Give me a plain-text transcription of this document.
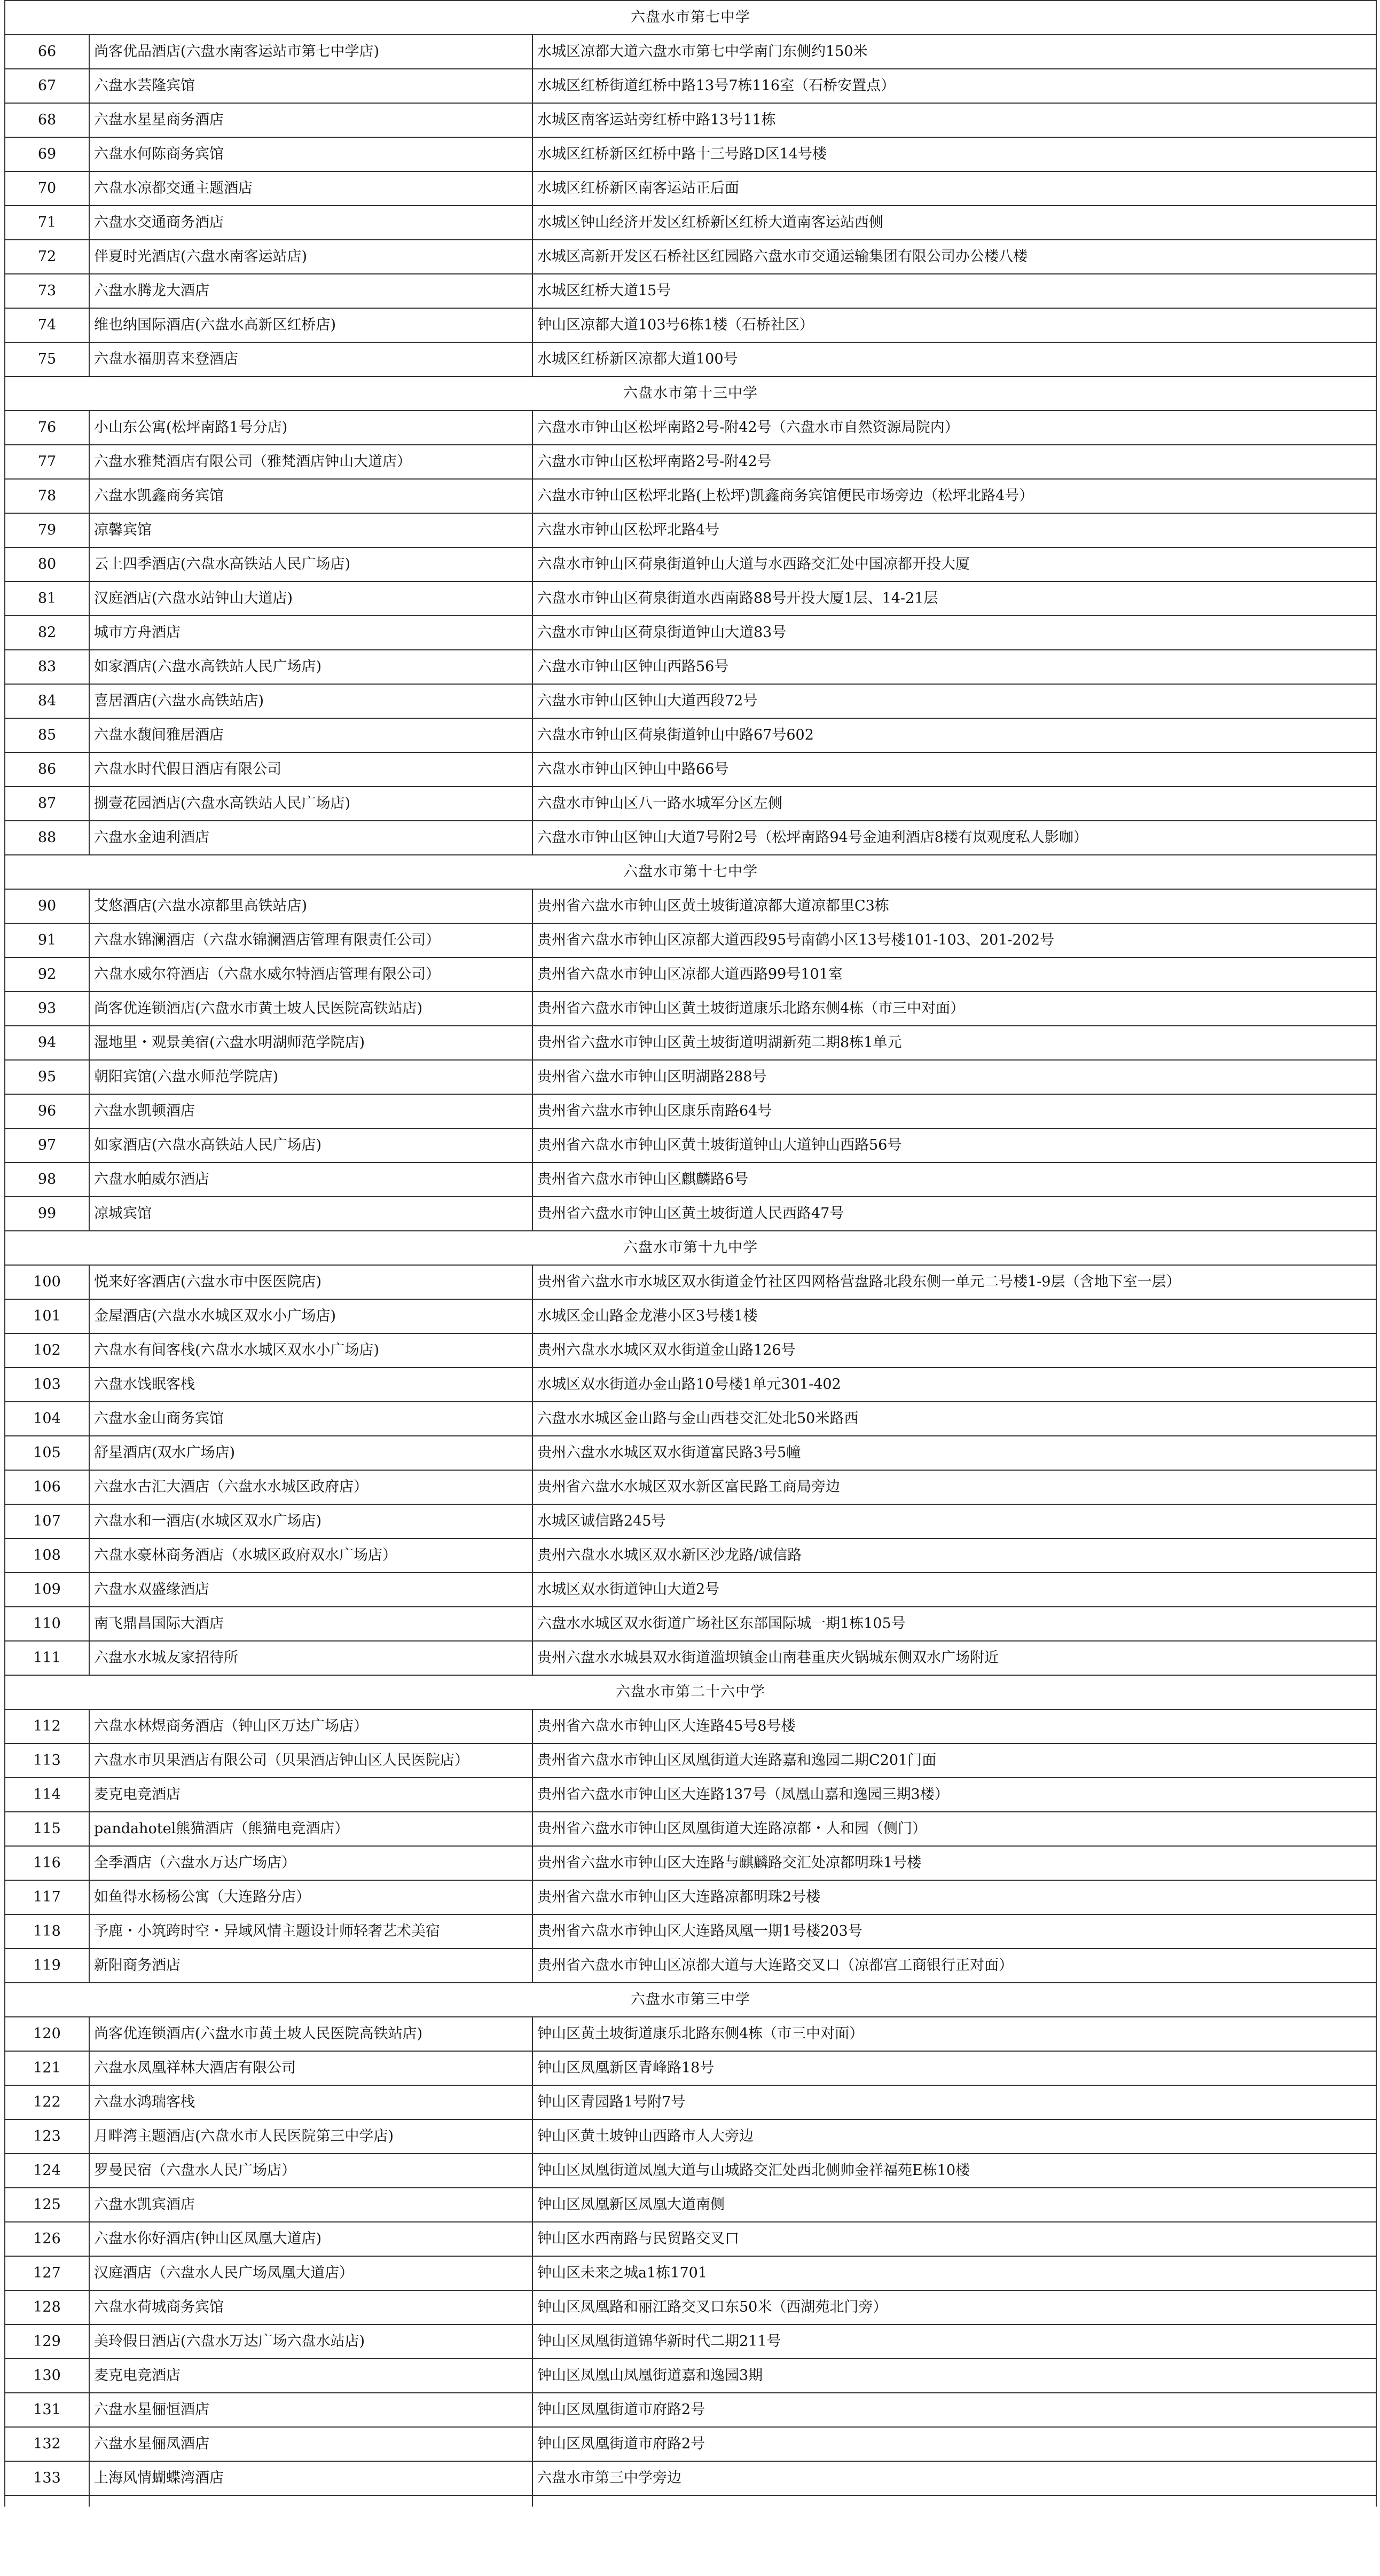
六盘水市第七中学		
66	尚客优品酒店(六盘水南客运站市第七中学店)	水城区凉都大道六盘水市第七中学南门东侧约150米
67	六盘水芸隆宾馆	水城区红桥街道红桥中路13号7栋116室（石桥安置点）
68	六盘水星星商务酒店	水城区南客运站旁红桥中路13号11栋
69	六盘水何陈商务宾馆	水城区红桥新区红桥中路十三号路D区14号楼
70	六盘水凉都交通主题酒店	水城区红桥新区南客运站正后面
71	六盘水交通商务酒店	水城区钟山经济开发区红桥新区红桥大道南客运站西侧
72	伴夏时光酒店(六盘水南客运站店)	水城区高新开发区石桥社区红园路六盘水市交通运输集团有限公司办公楼八楼
73	六盘水腾龙大酒店	水城区红桥大道15号
74	维也纳国际酒店(六盘水高新区红桥店)	钟山区凉都大道103号6栋1楼（石桥社区）
75	六盘水福朋喜来登酒店	水城区红桥新区凉都大道100号
六盘水市第十三中学		
76	小山东公寓(松坪南路1号分店)	六盘水市钟山区松坪南路2号-附42号（六盘水市自然资源局院内）
77	六盘水雅梵酒店有限公司（雅梵酒店钟山大道店）	六盘水市钟山区松坪南路2号-附42号
78	六盘水凯鑫商务宾馆	六盘水市钟山区松坪北路(上松坪)凯鑫商务宾馆便民市场旁边（松坪北路4号）
79	凉馨宾馆	六盘水市钟山区松坪北路4号
80	云上四季酒店(六盘水高铁站人民广场店)	六盘水市钟山区荷泉街道钟山大道与水西路交汇处中国凉都开投大厦
81	汉庭酒店(六盘水站钟山大道店)	六盘水市钟山区荷泉街道水西南路88号开投大厦1层、14-21层
82	城市方舟酒店	六盘水市钟山区荷泉街道钟山大道83号
83	如家酒店(六盘水高铁站人民广场店)	六盘水市钟山区钟山西路56号
84	喜居酒店(六盘水高铁站店)	六盘水市钟山区钟山大道西段72号
85	六盘水馥间雅居酒店	六盘水市钟山区荷泉街道钟山中路67号602
86	六盘水时代假日酒店有限公司	六盘水市钟山区钟山中路66号
87	捌壹花园酒店(六盘水高铁站人民广场店)	六盘水市钟山区八一路水城军分区左侧
88	六盘水金迪利酒店	六盘水市钟山区钟山大道7号附2号（松坪南路94号金迪利酒店8楼有岚观度私人影咖）
六盘水市第十七中学		
90	艾悠酒店(六盘水凉都里高铁站店)	贵州省六盘水市钟山区黄土坡街道凉都大道凉都里C3栋
91	六盘水锦澜酒店（六盘水锦澜酒店管理有限责任公司）	贵州省六盘水市钟山区凉都大道西段95号南鹤小区13号楼101-103、201-202号
92	六盘水威尔符酒店（六盘水威尔特酒店管理有限公司）	贵州省六盘水市钟山区凉都大道西路99号101室
93	尚客优连锁酒店(六盘水市黄土坡人民医院高铁站店)	贵州省六盘水市钟山区黄土坡街道康乐北路东侧4栋（市三中对面）
94	湿地里・观景美宿(六盘水明湖师范学院店)	贵州省六盘水市钟山区黄土坡街道明湖新苑二期8栋1单元
95	朝阳宾馆(六盘水师范学院店)	贵州省六盘水市钟山区明湖路288号
96	六盘水凯顿酒店	贵州省六盘水市钟山区康乐南路64号
97	如家酒店(六盘水高铁站人民广场店)	贵州省六盘水市钟山区黄土坡街道钟山大道钟山西路56号
98	六盘水帕威尔酒店	贵州省六盘水市钟山区麒麟路6号
99	凉城宾馆	贵州省六盘水市钟山区黄土坡街道人民西路47号
六盘水市第十九中学		
100	悦来好客酒店(六盘水市中医医院店)	贵州省六盘水市水城区双水街道金竹社区四网格营盘路北段东侧一单元二号楼1-9层（含地下室一层）
101	金屋酒店(六盘水水城区双水小广场店)	水城区金山路金龙港小区3号楼1楼
102	六盘水有间客栈(六盘水水城区双水小广场店)	贵州六盘水水城区双水街道金山路126号
103	六盘水饯眠客栈	水城区双水街道办金山路10号楼1单元301-402
104	六盘水金山商务宾馆	六盘水水城区金山路与金山西巷交汇处北50米路西
105	舒星酒店(双水广场店)	贵州六盘水水城区双水街道富民路3号5幢
106	六盘水古汇大酒店（六盘水水城区政府店）	贵州省六盘水水城区双水新区富民路工商局旁边
107	六盘水和一酒店(水城区双水广场店)	水城区诚信路245号
108	六盘水豪林商务酒店（水城区政府双水广场店）	贵州六盘水水城区双水新区沙龙路/诚信路
109	六盘水双盛缘酒店	水城区双水街道钟山大道2号
110	南飞鼎昌国际大酒店	六盘水水城区双水街道广场社区东部国际城一期1栋105号
111	六盘水水城友家招待所	贵州六盘水水城县双水街道滥坝镇金山南巷重庆火锅城东侧双水广场附近
六盘水市第二十六中学		
112	六盘水林煜商务酒店（钟山区万达广场店）	贵州省六盘水市钟山区大连路45号8号楼
113	六盘水市贝果酒店有限公司（贝果酒店钟山区人民医院店）	贵州省六盘水市钟山区凤凰街道大连路嘉和逸园二期C201门面
114	麦克电竞酒店	贵州省六盘水市钟山区大连路137号（凤凰山嘉和逸园三期3楼）
115	pandahotel熊猫酒店（熊猫电竞酒店）	贵州省六盘水市钟山区凤凰街道大连路凉都・人和园（侧门）
116	全季酒店（六盘水万达广场店）	贵州省六盘水市钟山区大连路与麒麟路交汇处凉都明珠1号楼
117	如鱼得水杨杨公寓（大连路分店）	贵州省六盘水市钟山区大连路凉都明珠2号楼
118	予鹿・小筑跨时空・异域风情主题设计师轻奢艺术美宿	贵州省六盘水市钟山区大连路凤凰一期1号楼203号
119	新阳商务酒店	贵州省六盘水市钟山区凉都大道与大连路交叉口（凉都宫工商银行正对面）
六盘水市第三中学		
120	尚客优连锁酒店(六盘水市黄土坡人民医院高铁站店)	钟山区黄土坡街道康乐北路东侧4栋（市三中对面）
121	六盘水凤凰祥林大酒店有限公司	钟山区凤凰新区青峰路18号
122	六盘水鸿瑞客栈	钟山区青园路1号附7号
123	月畔湾主题酒店(六盘水市人民医院第三中学店)	钟山区黄土坡钟山西路市人大旁边
124	罗曼民宿（六盘水人民广场店）	钟山区凤凰街道凤凰大道与山城路交汇处西北侧帅金祥福苑E栋10楼
125	六盘水凯宾酒店	钟山区凤凰新区凤凰大道南侧
126	六盘水你好酒店(钟山区凤凰大道店)	钟山区水西南路与民贸路交叉口
127	汉庭酒店（六盘水人民广场凤凰大道店）	钟山区未来之城a1栋1701
128	六盘水荷城商务宾馆	钟山区凤凰路和丽江路交叉口东50米（西湖苑北门旁）
129	美玲假日酒店(六盘水万达广场六盘水站店)	钟山区凤凰街道锦华新时代二期211号
130	麦克电竞酒店	钟山区凤凰山凤凰街道嘉和逸园3期
131	六盘水星俪恒酒店	钟山区凤凰街道市府路2号
132	六盘水星俪凤酒店	钟山区凤凰街道市府路2号
133	上海风情蝴蝶湾酒店	六盘水市第三中学旁边
